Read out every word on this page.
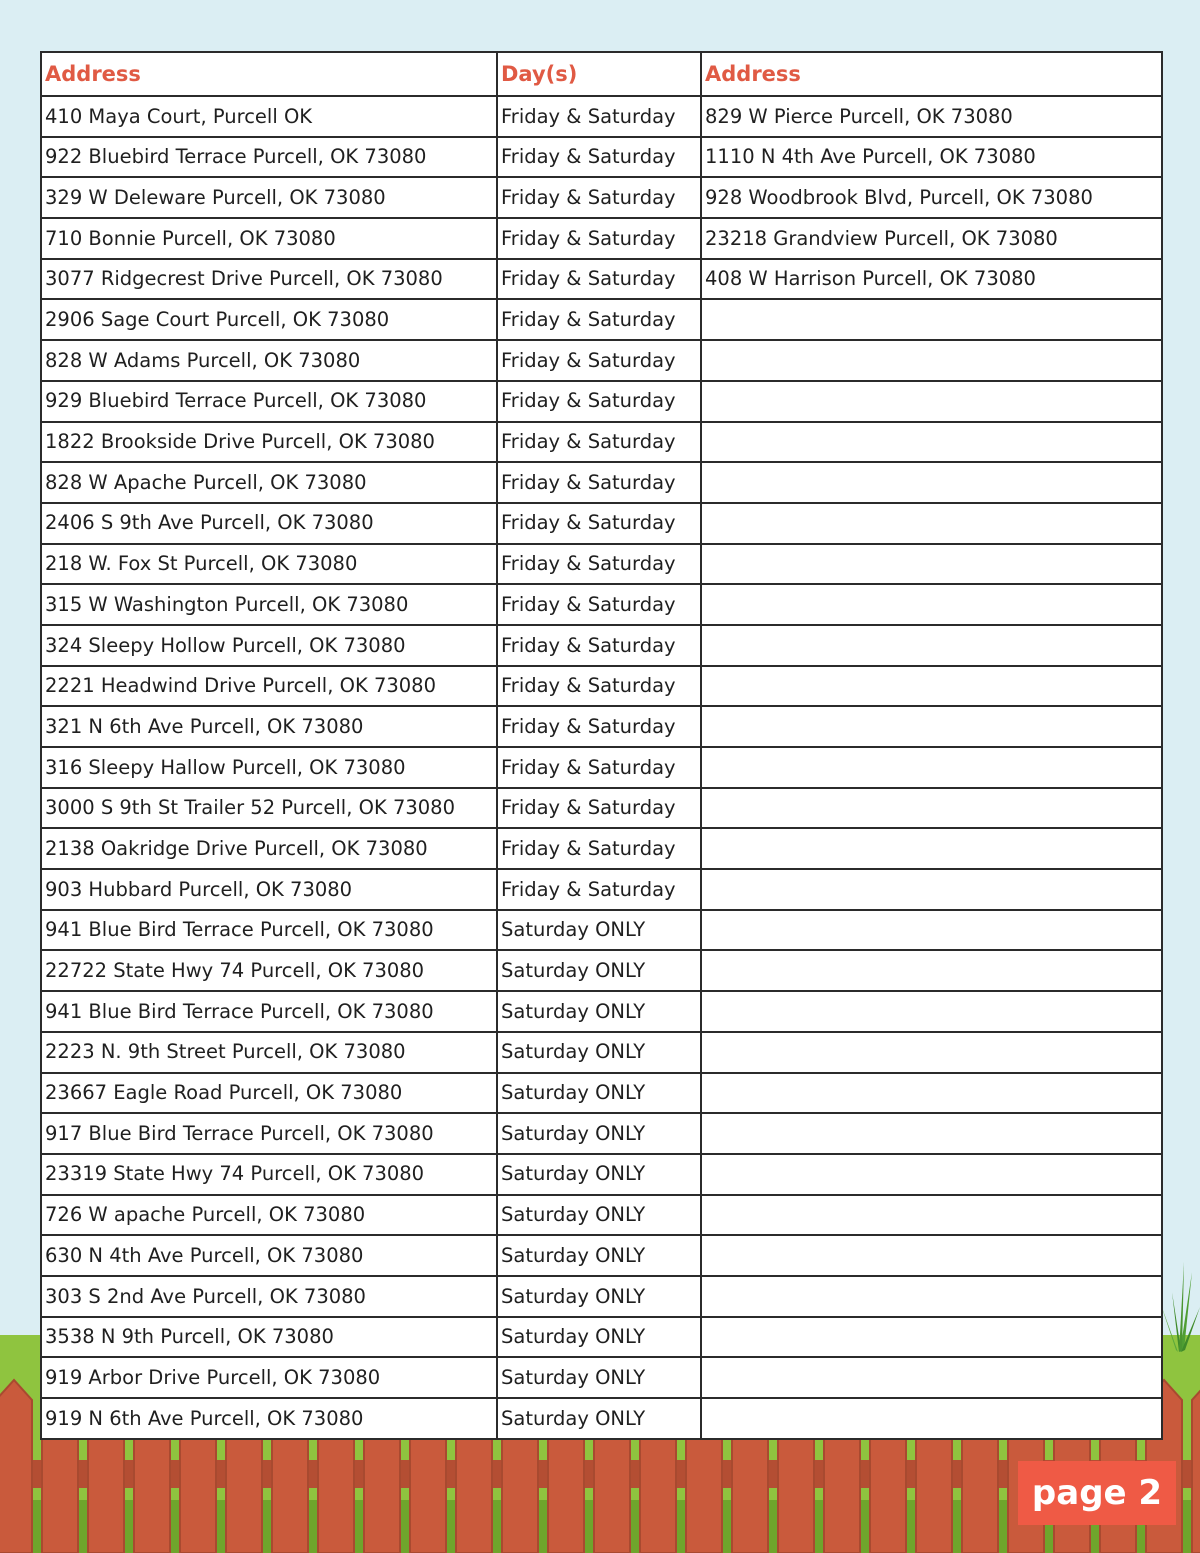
Address	Day(s)	Address
410 Maya Court, Purcell OK	Friday & Saturday	829 W Pierce Purcell, OK 73080
922 Bluebird Terrace Purcell, OK 73080	Friday & Saturday	1110 N 4th Ave Purcell, OK 73080
329 W Deleware Purcell, OK 73080	Friday & Saturday	928 Woodbrook Blvd, Purcell, OK 73080
710 Bonnie Purcell, OK 73080	Friday & Saturday	23218 Grandview Purcell, OK 73080
3077 Ridgecrest Drive Purcell, OK 73080	Friday & Saturday	408 W Harrison Purcell, OK 73080
2906 Sage Court Purcell, OK 73080	Friday & Saturday	
828 W Adams Purcell, OK 73080	Friday & Saturday	
929 Bluebird Terrace Purcell, OK 73080	Friday & Saturday	
1822 Brookside Drive Purcell, OK 73080	Friday & Saturday	
828 W Apache Purcell, OK 73080	Friday & Saturday	
2406 S 9th Ave Purcell, OK 73080	Friday & Saturday	
218 W. Fox St Purcell, OK 73080	Friday & Saturday	
315 W Washington Purcell, OK 73080	Friday & Saturday	
324 Sleepy Hollow Purcell, OK 73080	Friday & Saturday	
2221 Headwind Drive Purcell, OK 73080	Friday & Saturday	
321 N 6th Ave Purcell, OK 73080	Friday & Saturday	
316 Sleepy Hallow Purcell, OK 73080	Friday & Saturday	
3000 S 9th St Trailer 52 Purcell, OK 73080	Friday & Saturday	
2138 Oakridge Drive Purcell, OK 73080	Friday & Saturday	
903 Hubbard Purcell, OK 73080	Friday & Saturday	
941 Blue Bird Terrace Purcell, OK 73080	Saturday ONLY	
22722 State Hwy 74 Purcell, OK 73080	Saturday ONLY	
941 Blue Bird Terrace Purcell, OK 73080	Saturday ONLY	
2223 N. 9th Street Purcell, OK 73080	Saturday ONLY	
23667 Eagle Road Purcell, OK 73080	Saturday ONLY	
917 Blue Bird Terrace Purcell, OK 73080	Saturday ONLY	
23319 State Hwy 74 Purcell, OK 73080	Saturday ONLY	
726 W apache Purcell, OK 73080	Saturday ONLY	
630 N 4th Ave Purcell, OK 73080	Saturday ONLY	
303 S 2nd Ave Purcell, OK 73080	Saturday ONLY	
3538 N 9th Purcell, OK 73080	Saturday ONLY	
919 Arbor Drive Purcell, OK 73080	Saturday ONLY	
919 N 6th Ave Purcell, OK 73080	Saturday ONLY	
page 2
